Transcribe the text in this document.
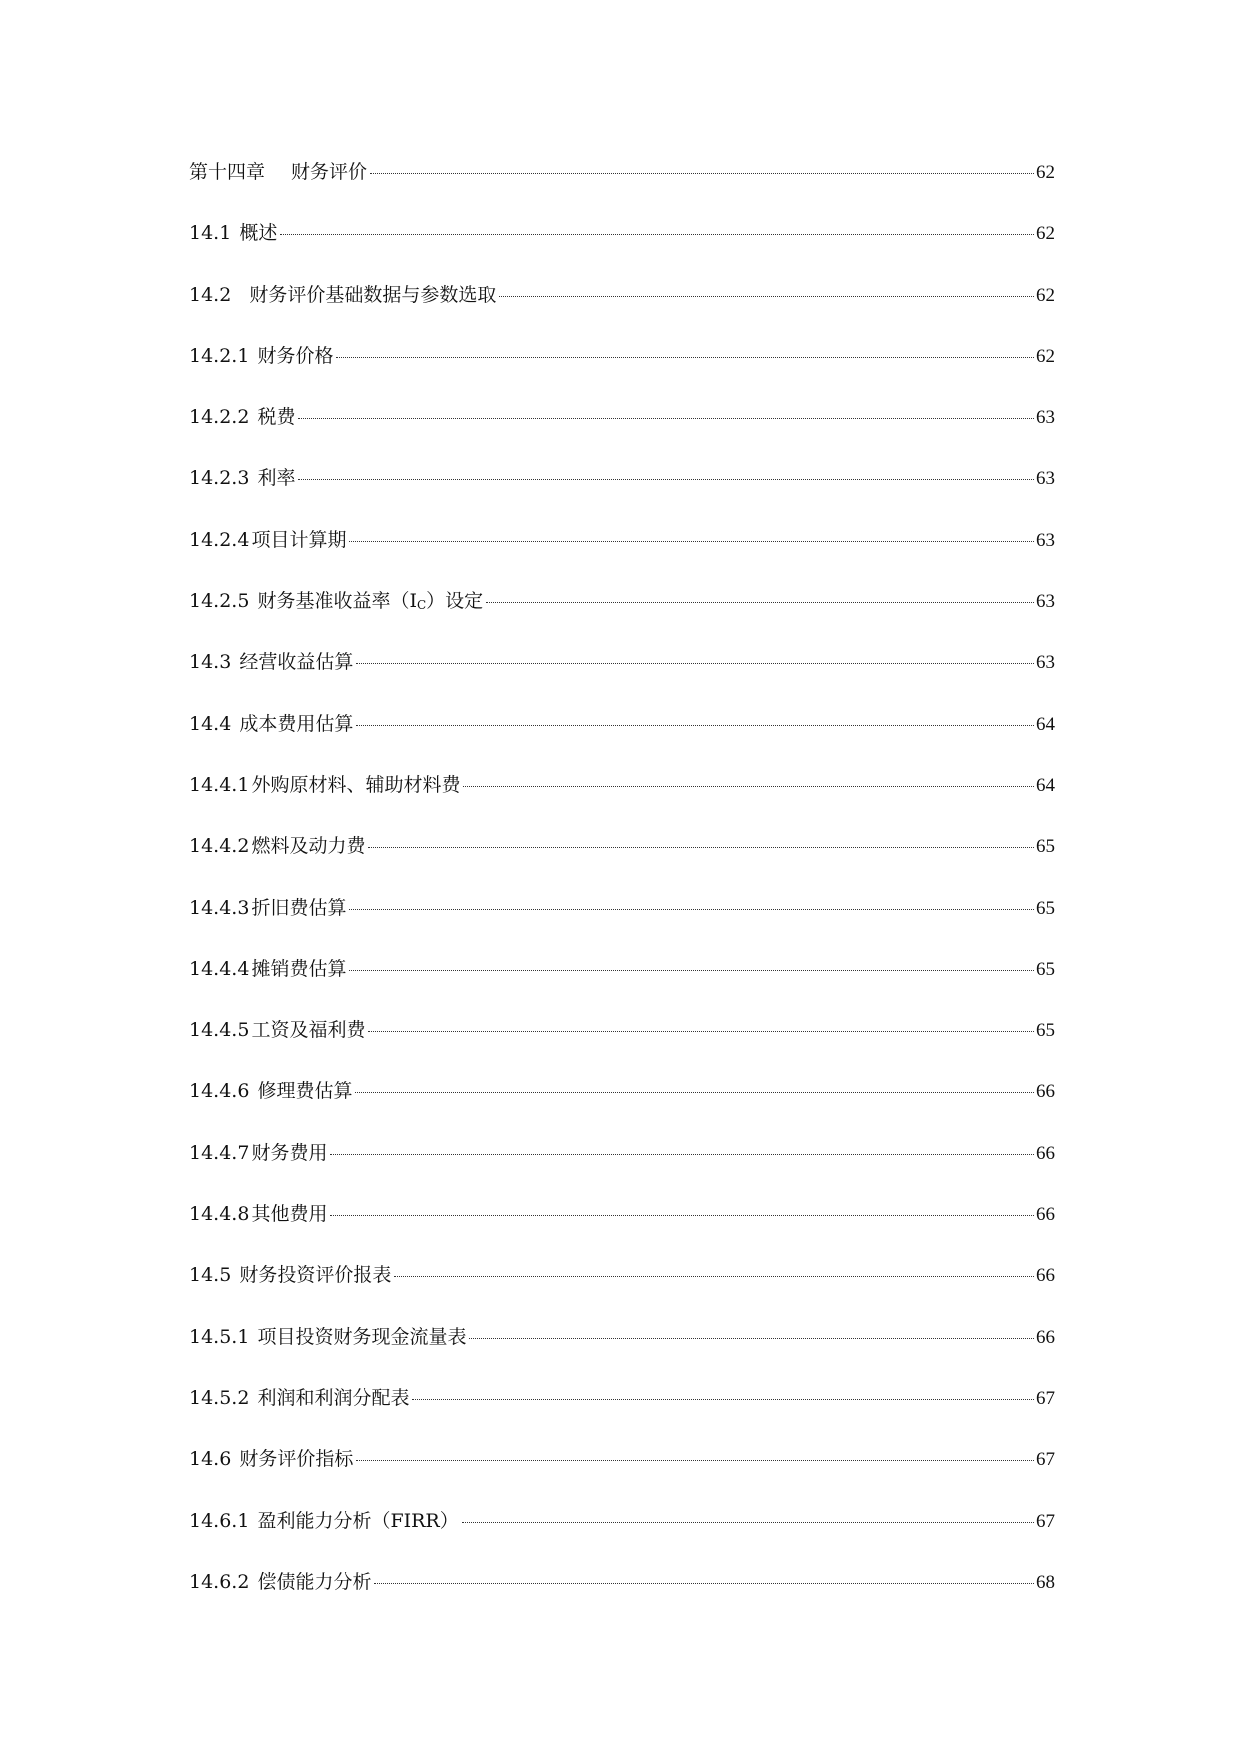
第十四章 财务评价	62
14.1 概述	62
14.2 财务评价基础数据与参数选取	62
14.2.1 财务价格	62
14.2.2 税费	63
14.2.3 利率	63
14.2.4 项目计算期	63
14.2.5 财务基准收益率$(I_C)$设定	63
14.3 经营收益估算	63
14.4 成本费用估算	64
14.4.1 外购原材料、辅助材料费	64
14.4.2 燃料及动力费	65
14.4.3 折旧费估算	65
14.4.4 摊销费估算	65
14.4.5 工资及福利费	65
14.4.6 修理费估算	66
14.4.7 财务费用	66
14.4.8 其他费用	66
14.5 财务投资评价报表	66
14.5.1 项目投资财务现金流量表	66
14.5.2 利润和利润分配表	67
14.6 财务评价指标	67
14.6.1 盈利能力分析（FIRR）	67
14.6.2 偿债能力分析	68
